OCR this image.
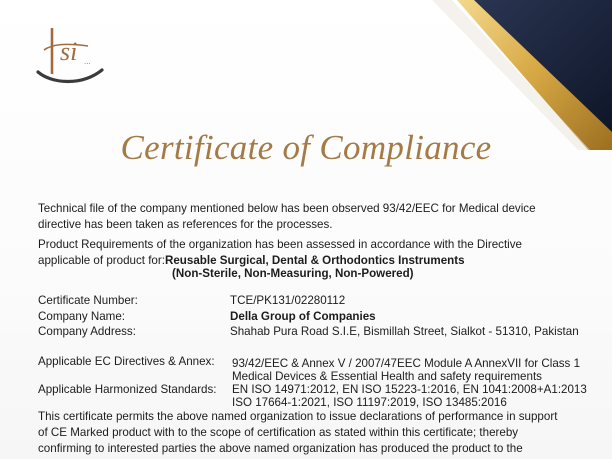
si ...
Certificate of Compliance
Technical file of the company mentioned below has been observed 93/42/EEC for Medical device
directive has been taken as references for the processes.
Product Requirements of the organization has been assessed in accordance with the Directive
applicable of product for:Reusable Surgical, Dental & Orthodontics Instruments
(Non-Sterile, Non-Measuring, Non-Powered)
Certificate Number:	TCE/PK131/02280112
Company Name:	Della Group of Companies
Company Address:	Shahab Pura Road S.I.E, Bismillah Street, Sialkot - 51310, Pakistan
Applicable EC Directives & Annex: 93/42/EEC & Annex V / 2007/47EEC Module A AnnexVII for Class 1
Medical Devices & Essential Health and safety requirements
Applicable Harmonized Standards: EN ISO 14971:2012, EN ISO 15223-1:2016, EN 1041:2008+A1:2013
ISO 17664-1:2021, ISO 11197:2019, ISO 13485:2016
This certificate permits the above named organization to issue declarations of performance in support
of CE Marked product with to the scope of certification as stated within this certificate; thereby
confirming to interested parties the above named organization has produced the product to the
